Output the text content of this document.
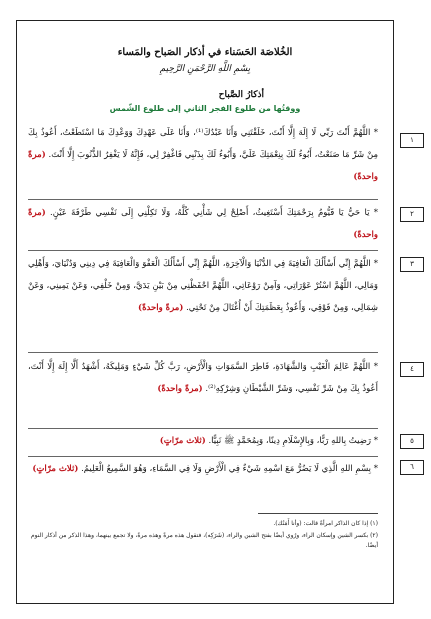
الخُلاصَة الحَسَناء في أذكار الصَباح والمَساء
بِسْمِ اللَّهِ الرَّحْمَنِ الرَّحِيمِ
أذكارُ الصَّباح
ووقتُها من طلوع الفجر الثاني إلى طلوع الشّمس
١
* اللَّهُمَّ أَنْتَ رَبِّي لَا إِلَهَ إِلَّا أَنْتَ، خَلَقْتَنِي وَأَنَا عَبْدُكَ⁽¹⁾، وَأَنَا عَلَى عَهْدِكَ وَوَعْدِكَ مَا اسْتَطَعْتُ، أَعُوذُ بِكَ مِنْ شَرِّ مَا صَنَعْتُ، أَبُوءُ لَكَ بِنِعْمَتِكَ عَلَيَّ، وَأَبُوءُ لَكَ بِذَنْبِي فَاغْفِرْ لِي، فَإِنَّهُ لَا يَغْفِرُ الذُّنُوبَ إِلَّا أَنْتَ. (مرةً واحدةً)
٢
* يَا حَيُّ يَا قَيُّومُ بِرَحْمَتِكَ أَسْتَغِيثُ، أَصْلِحْ لِي شَأْنِي كُلَّهُ، وَلَا تَكِلْنِي إِلَى نَفْسِي طَرْفَةَ عَيْنٍ. (مرةً واحدةً)
٣
* اللَّهُمَّ إِنِّي أَسْأَلُكَ الْعَافِيَةَ فِي الدُّنْيَا وَالْآخِرَةِ، اللَّهُمَّ إِنِّي أَسْأَلُكَ الْعَفْوَ وَالْعَافِيَةَ فِي دِينِي وَدُنْيَايَ، وَأَهْلِي وَمَالِي، اللَّهُمَّ اسْتُرْ عَوْرَاتِي، وَآمِنْ رَوْعَاتِي، اللَّهُمَّ احْفَظْنِي مِنْ بَيْنِ يَدَيَّ، وَمِنْ خَلْفِي، وَعَنْ يَمِينِي، وَعَنْ شِمَالِي، وَمِنْ فَوْقِي، وَأَعُوذُ بِعَظَمَتِكَ أَنْ أُغْتَالَ مِنْ تَحْتِي. (مرةً واحدةً)
٤
* اللَّهُمَّ عَالِمَ الْغَيْبِ وَالشَّهَادَةِ، فَاطِرَ السَّمَوَاتِ وَالْأَرْضِ، رَبَّ كُلِّ شَيْءٍ وَمَلِيكَهُ، أَشْهَدُ أَلَّا إِلَهَ إِلَّا أَنْتَ، أَعُوذُ بِكَ مِنْ شَرِّ نَفْسِي، وَشَرِّ الشَّيْطَانِ وَشِرْكِهِ⁽²⁾. (مرةً واحدةً)
٥
* رَضِيتُ بِاللهِ رَبًّا، وَبِالإِسْلَامِ دِينًا، وَبِمُحَمَّدٍ ﷺ نَبِيًّا. (ثلاث مرّاتٍ)
٦
* بِسْمِ اللهِ الَّذِي لَا يَضُرُّ مَعَ اسْمِهِ شَيْءٌ فِي الْأَرْضِ وَلَا فِي السَّمَاءِ، وَهُوَ السَّمِيعُ الْعَلِيمُ. (ثلاث مرّاتٍ)
(١) إذا كان الذاكر امرأةً قالت: (وأنا أَمَتُك).
(٢) بكسر الشين وإسكان الراء، ورُوي أيضًا بفتح الشين والراء، (شَرَكِه)، فتقول هذه مرةً وهذه مرةً، ولا تجمع بينهما، وهذا الذكر من أذكار النوم أيضًا.
